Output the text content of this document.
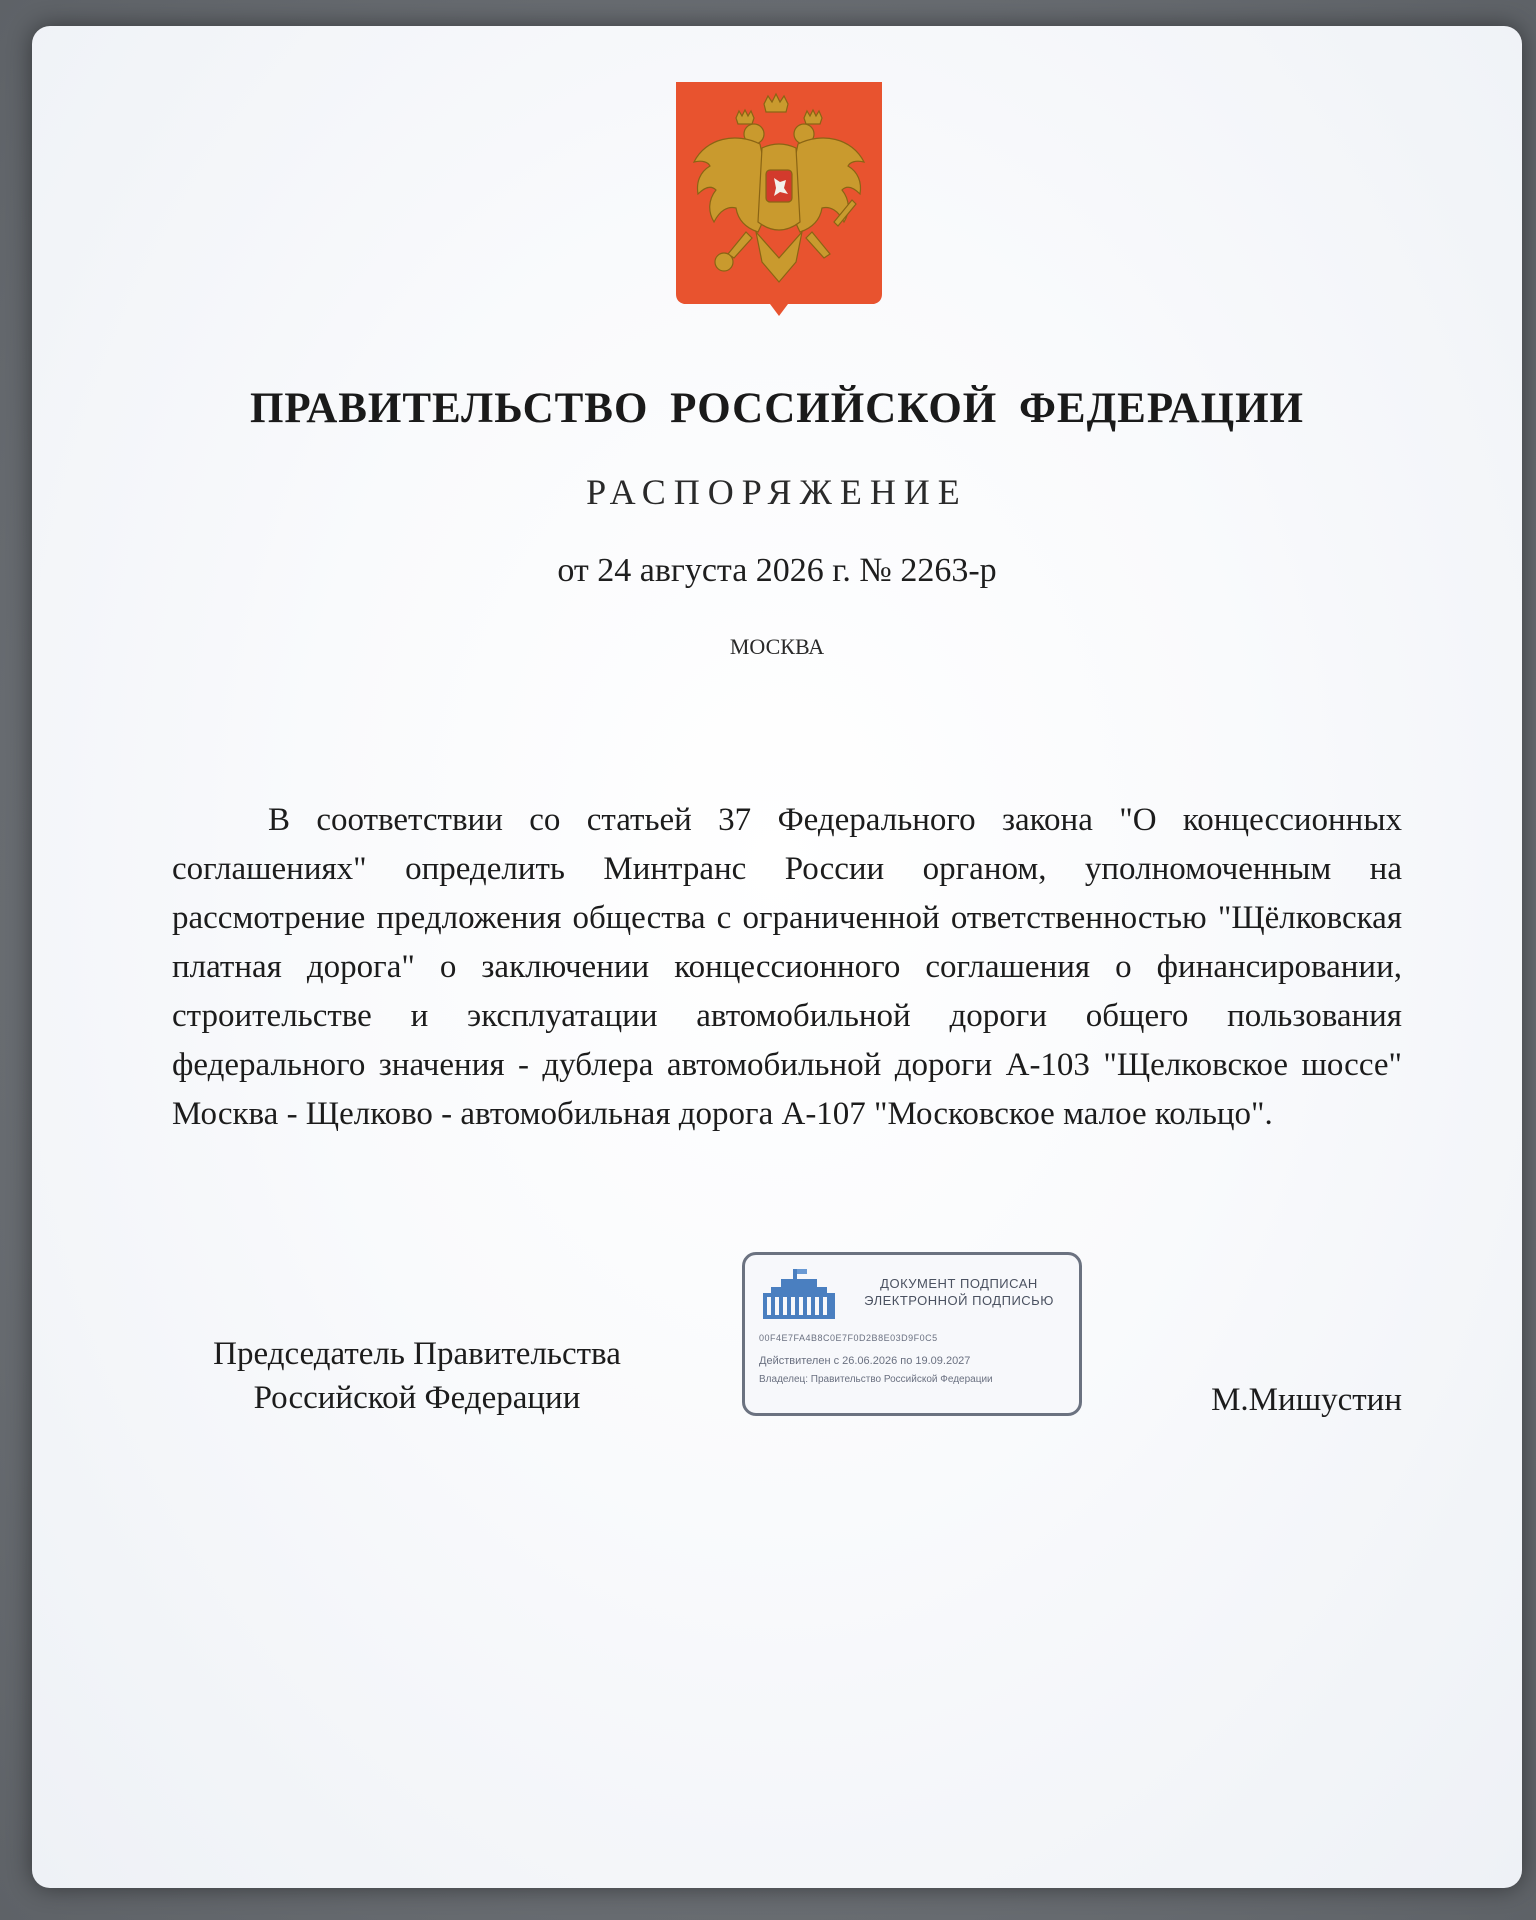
ПРАВИТЕЛЬСТВО РОССИЙСКОЙ ФЕДЕРАЦИИ
РАСПОРЯЖЕНИЕ
от 24 августа 2026 г. № 2263-р
МОСКВА

В соответствии со статьей 37 Федерального закона "О концессионных соглашениях" определить Минтранс России органом, уполномоченным на рассмотрение предложения общества с ограниченной ответственностью "Щёлковская платная дорога" о заключении концессионного соглашения о финансировании, строительстве и эксплуатации автомобильной дороги общего пользования федерального значения - дублера автомобильной дороги А-103 "Щелковское шоссе" Москва - Щелково - автомобильная дорога А-107 "Московское малое кольцо".

Председатель Правительства
Российской Федерации
ДОКУМЕНТ ПОДПИСАН
ЭЛЕКТРОННОЙ ПОДПИСЬЮ
00F4E7FA4B8C0E7F0D2B8E03D9F0C5
Действителен с 26.06.2026 по 19.09.2027
Владелец: Правительство Российской Федерации
М.Мишустин
